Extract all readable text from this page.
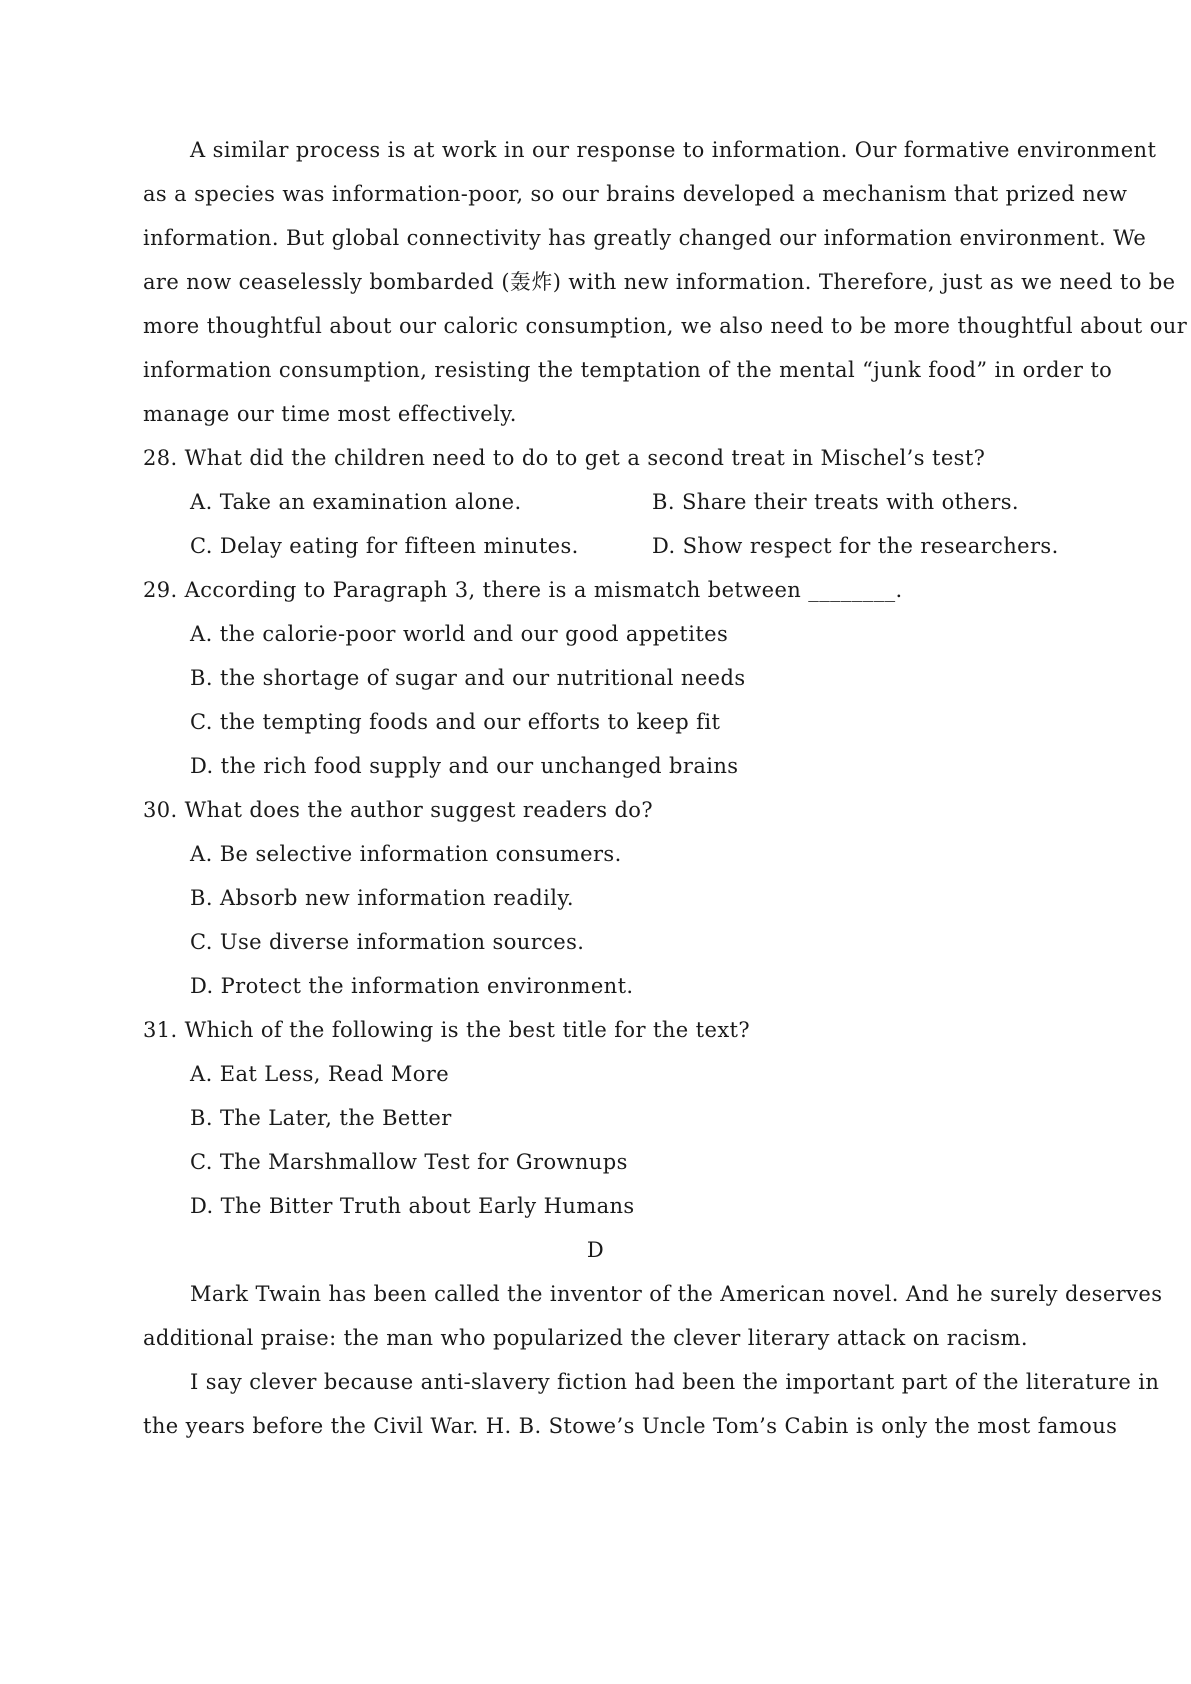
A similar process is at work in our response to information. Our formative environment
as a species was information-poor, so our brains developed a mechanism that prized new
information. But global connectivity has greatly changed our information environment. We
are now ceaselessly bombarded (轰炸) with new information. Therefore, just as we need to be
more thoughtful about our caloric consumption, we also need to be more thoughtful about our
information consumption, resisting the temptation of the mental “junk food” in order to
manage our time most effectively.
28. What did the children need to do to get a second treat in Mischel’s test?
A. Take an examination alone.	B. Share their treats with others.
C. Delay eating for fifteen minutes.	D. Show respect for the researchers.
29. According to Paragraph 3, there is a mismatch between ________.
A. the calorie-poor world and our good appetites
B. the shortage of sugar and our nutritional needs
C. the tempting foods and our efforts to keep fit
D. the rich food supply and our unchanged brains
30. What does the author suggest readers do?
A. Be selective information consumers.
B. Absorb new information readily.
C. Use diverse information sources.
D. Protect the information environment.
31. Which of the following is the best title for the text?
A. Eat Less, Read More
B. The Later, the Better
C. The Marshmallow Test for Grownups
D. The Bitter Truth about Early Humans
D
Mark Twain has been called the inventor of the American novel. And he surely deserves
additional praise: the man who popularized the clever literary attack on racism.
I say clever because anti-slavery fiction had been the important part of the literature in
the years before the Civil War. H. B. Stowe’s Uncle Tom’s Cabin is only the most famous
